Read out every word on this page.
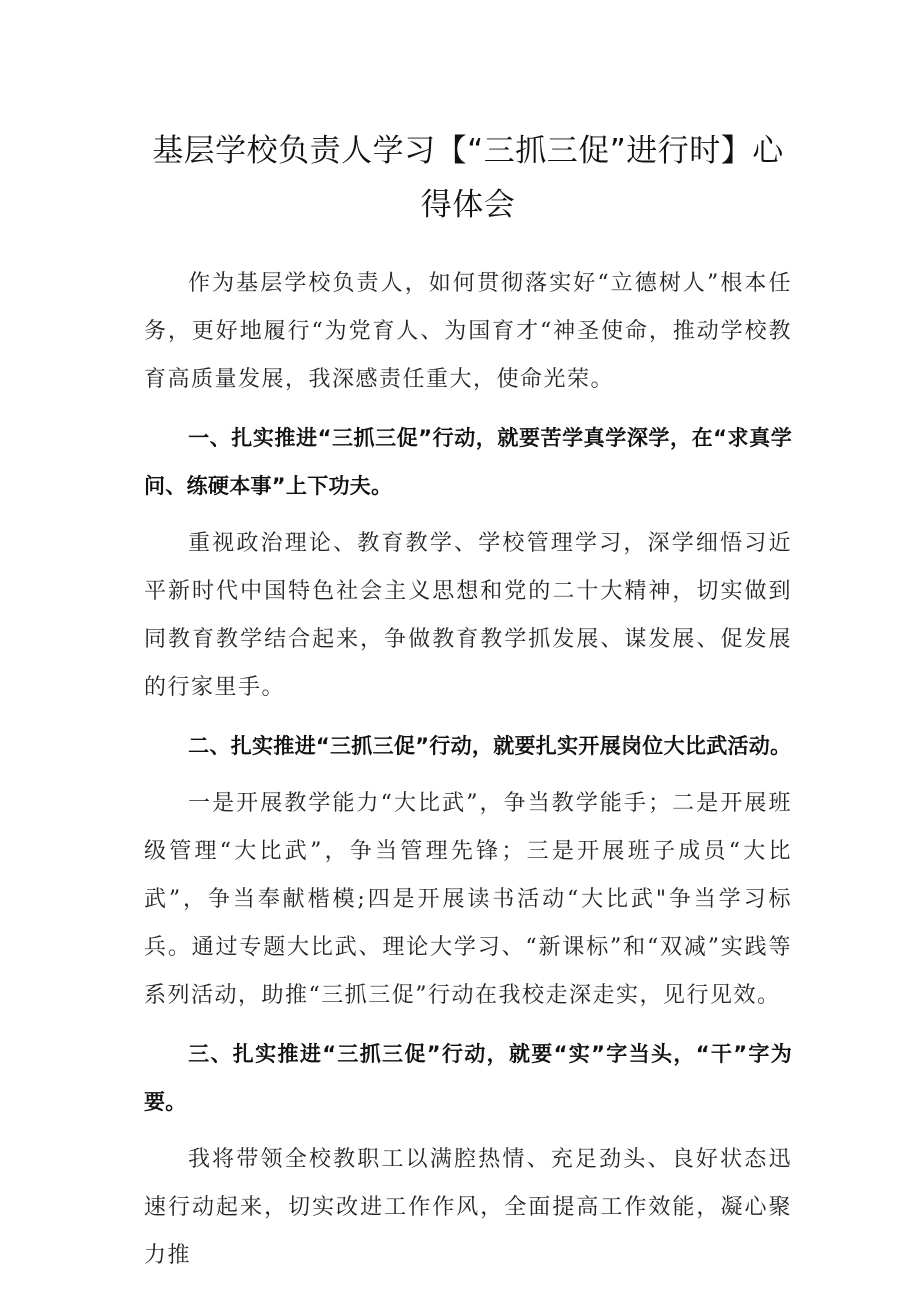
基层学校负责人学习【“三抓三促”进行时】心
得体会

作为基层学校负责人，如何贯彻落实好“立德树人”根本任务，更好地履行“为党育人、为国育才“神圣使命，推动学校教育高质量发展，我深感责任重大，使命光荣。

一、扎实推进“三抓三促”行动，就要苦学真学深学，在“求真学问、练硬本事”上下功夫。

重视政治理论、教育教学、学校管理学习，深学细悟习近平新时代中国特色社会主义思想和党的二十大精神，切实做到同教育教学结合起来，争做教育教学抓发展、谋发展、促发展的行家里手。

二、扎实推进“三抓三促”行动，就要扎实开展岗位大比武活动。

一是开展教学能力“大比武”，争当教学能手；二是开展班级管理“大比武”，争当管理先锋；三是开展班子成员“大比武”，争当奉献楷模;四是开展读书活动“大比武"争当学习标兵。通过专题大比武、理论大学习、“新课标”和“双减”实践等系列活动，助推“三抓三促”行动在我校走深走实，见行见效。

三、扎实推进“三抓三促”行动，就要“实”字当头，“干”字为要。

我将带领全校教职工以满腔热情、充足劲头、良好状态迅速行动起来，切实改进工作作风，全面提高工作效能，凝心聚力推
